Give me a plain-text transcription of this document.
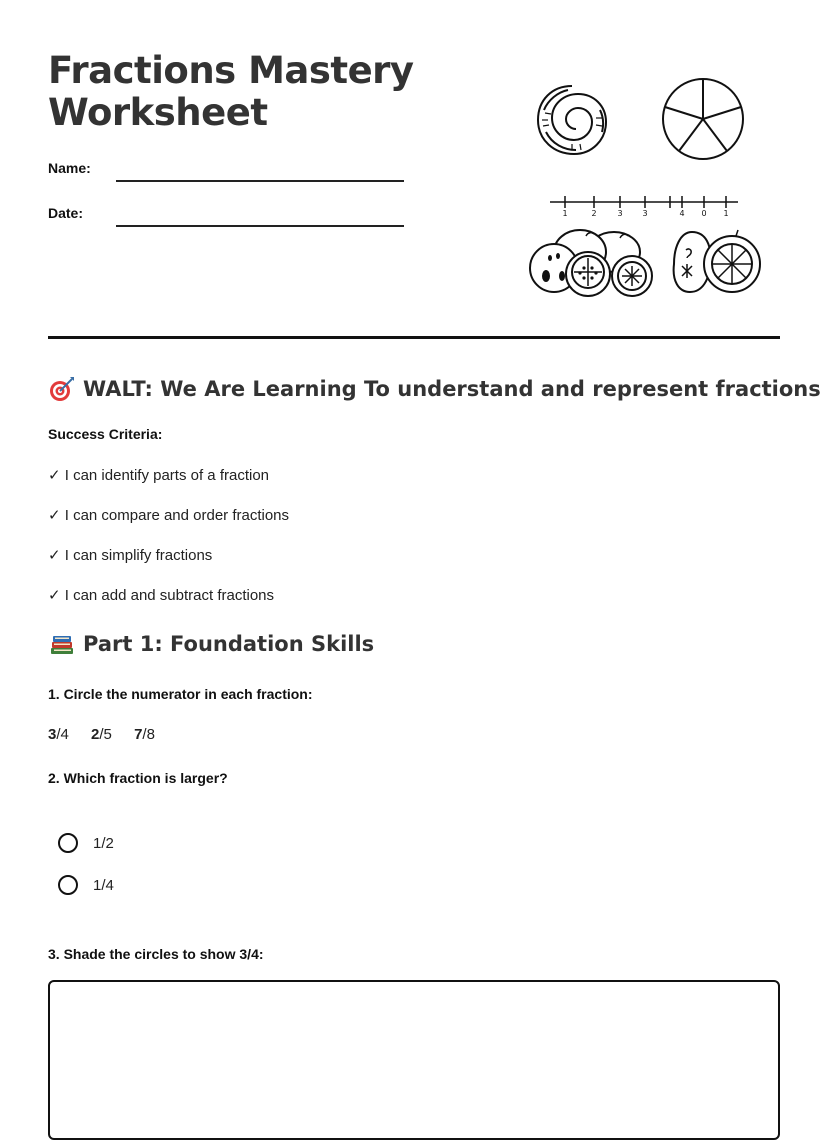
Fractions Mastery
Worksheet
Name:
Date:	1	2	3 3	4 0 1
WALT: We Are Learning To understand and represent fractions
Success Criteria:
✓ I can identify parts of a fraction
✓ I can compare and order fractions
✓ I can simplify fractions
✓ I can add and subtract fractions
Part 1: Foundation Skills
1. Circle the numerator in each fraction:
3/4 2/5 7/8
2. Which fraction is larger?
1/2
1/4
3. Shade the circles to show 3/4:
